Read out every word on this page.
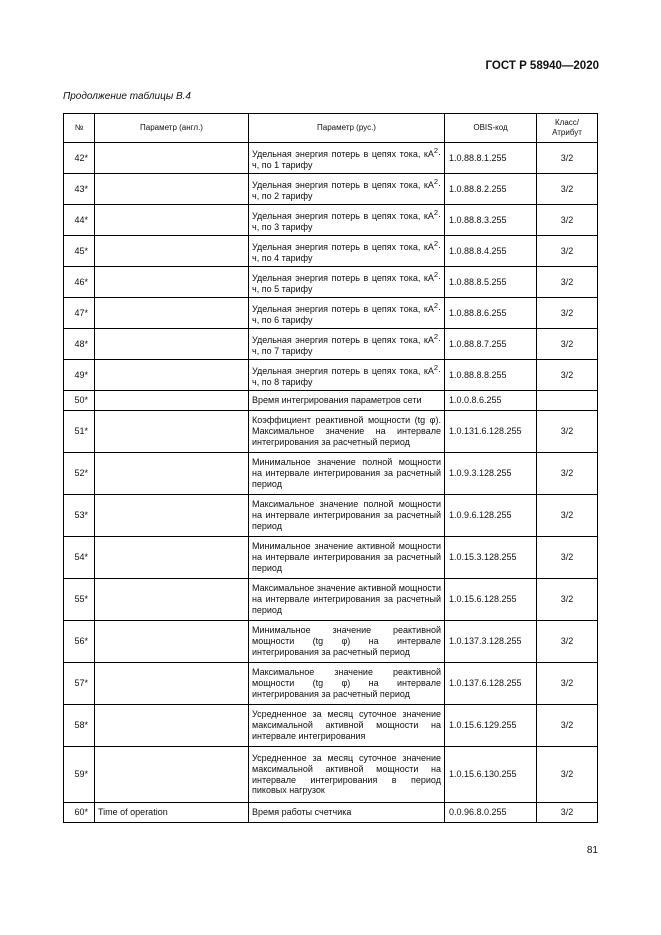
ГОСТ Р 58940—2020
Продолжение таблицы В.4
№	Параметр (англ.)	Параметр (рус.)	OBIS-код	Класс/ Атрибут
42*		Удельная энергия потерь в цепях тока, $кА^2\cdot ч$, по 1 тарифу	1.0.88.8.1.255	3/2
43*		Удельная энергия потерь в цепях тока, $кА^2\cdot ч$, по 2 тарифу	1.0.88.8.2.255	3/2
44*		Удельная энергия потерь в цепях тока, $кА^2\cdot ч$, по 3 тарифу	1.0.88.8.3.255	3/2
45*		Удельная энергия потерь в цепях тока, $кА^2\cdot ч$, по 4 тарифу	1.0.88.8.4.255	3/2
46*		Удельная энергия потерь в цепях тока, $кА^2\cdot ч$, по 5 тарифу	1.0.88.8.5.255	3/2
47*		Удельная энергия потерь в цепях тока, $кА^2\cdot ч$, по 6 тарифу	1.0.88.8.6.255	3/2
48*		Удельная энергия потерь в цепях тока, $кА^2\cdot ч$, по 7 тарифу	1.0.88.8.7.255	3/2
49*		Удельная энергия потерь в цепях тока, $кА^2\cdot ч$, по 8 тарифу	1.0.88.8.8.255	3/2
50*		Время интегрирования параметров сети	1.0.0.8.6.255	
51*		Коэффициент реактивной мощности (tg φ). Максимальное значение на интервале интегрирования за расчетный период	1.0.131.6.128.255	3/2
52*		Минимальное значение полной мощности на интервале интегрирования за расчетный период	1.0.9.3.128.255	3/2
53*		Максимальное значение полной мощности на интервале интегрирования за расчетный период	1.0.9.6.128.255	3/2
54*		Минимальное значение активной мощности на интервале интегрирования за расчетный период	1.0.15.3.128.255	3/2
55*		Максимальное значение активной мощности на интервале интегрирования за расчетный период	1.0.15.6.128.255	3/2
56*		Минимальное значение реактивной мощности (tg φ) на интервале интегрирования за расчетный период	1.0.137.3.128.255	3/2
57*		Максимальное значение реактивной мощности (tg φ) на интервале интегрирования за расчетный период	1.0.137.6.128.255	3/2
58*		Усредненное за месяц суточное значение максимальной активной мощности на интервале интегрирования	1.0.15.6.129.255	3/2
59*		Усредненное за месяц суточное значение максимальной активной мощности на интервале интегрирования в период пиковых нагрузок	1.0.15.6.130.255	3/2
60*	Time of operation	Время работы счетчика	0.0.96.8.0.255	3/2
81
